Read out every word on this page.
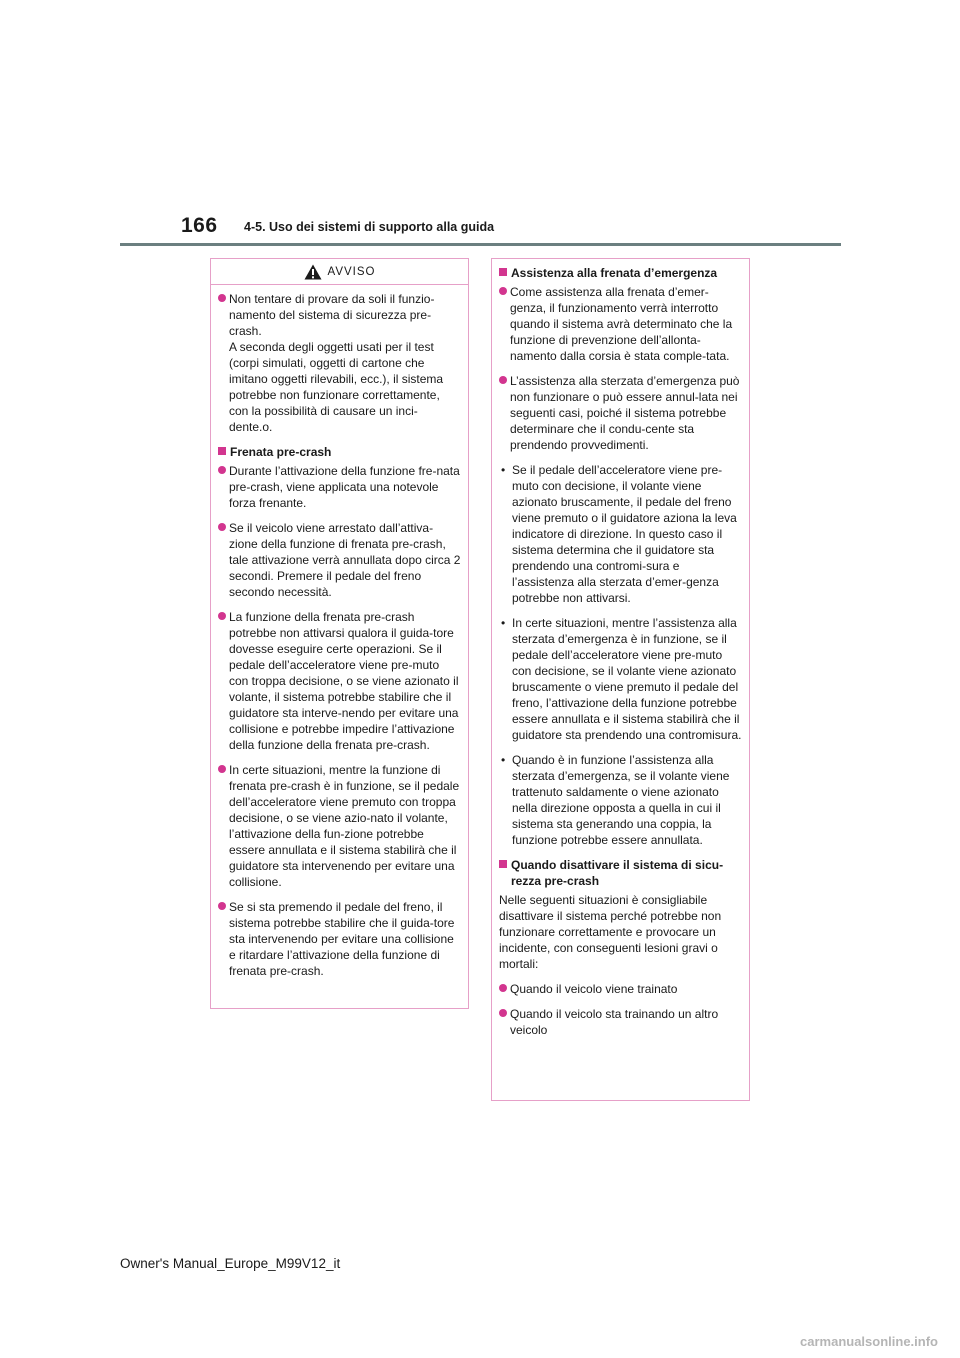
166 4-5. Uso dei sistemi di supporto alla guida
AVVISO
Non tentare di provare da soli il funzio-namento del sistema di sicurezza pre-crash.
A seconda degli oggetti usati per il test (corpi simulati, oggetti di cartone che imitano oggetti rilevabili, ecc.), il sistema potrebbe non funzionare correttamente, con la possibilità di causare un inci-dente.o.
Frenata pre-crash
Durante l’attivazione della funzione fre-nata pre-crash, viene applicata una notevole forza frenante.
Se il veicolo viene arrestato dall’attiva-zione della funzione di frenata pre-crash, tale attivazione verrà annullata dopo circa 2 secondi. Premere il pedale del freno secondo necessità.
La funzione della frenata pre-crash potrebbe non attivarsi qualora il guida-tore dovesse eseguire certe operazioni. Se il pedale dell’acceleratore viene pre-muto con troppa decisione, o se viene azionato il volante, il sistema potrebbe stabilire che il guidatore sta interve-nendo per evitare una collisione e potrebbe impedire l’attivazione della funzione della frenata pre-crash.
In certe situazioni, mentre la funzione di frenata pre-crash è in funzione, se il pedale dell’acceleratore viene premuto con troppa decisione, o se viene azio-nato il volante, l’attivazione della fun-zione potrebbe essere annullata e il sistema stabilirà che il guidatore sta intervenendo per evitare una collisione.
Se si sta premendo il pedale del freno, il sistema potrebbe stabilire che il guida-tore sta intervenendo per evitare una collisione e ritardare l’attivazione della funzione di frenata pre-crash.
Assistenza alla frenata d’emergenza
Come assistenza alla frenata d’emer-genza, il funzionamento verrà interrotto quando il sistema avrà determinato che la funzione di prevenzione dell’allonta-namento dalla corsia è stata comple-tata.
L’assistenza alla sterzata d’emergenza può non funzionare o può essere annul-lata nei seguenti casi, poiché il sistema potrebbe determinare che il condu-cente sta prendendo provvedimenti.
• Se il pedale dell’acceleratore viene pre-muto con decisione, il volante viene azionato bruscamente, il pedale del freno viene premuto o il guidatore aziona la leva indicatore di direzione. In questo caso il sistema determina che il guidatore sta prendendo una contromi-sura e l’assistenza alla sterzata d’emer-genza potrebbe non attivarsi.
• In certe situazioni, mentre l’assistenza alla sterzata d’emergenza è in funzione, se il pedale dell’acceleratore viene pre-muto con decisione, se il volante viene azionato bruscamente o viene premuto il pedale del freno, l’attivazione della funzione potrebbe essere annullata e il sistema stabilirà che il guidatore sta prendendo una contromisura.
• Quando è in funzione l’assistenza alla sterzata d’emergenza, se il volante viene trattenuto saldamente o viene azionato nella direzione opposta a quella in cui il sistema sta generando una coppia, la funzione potrebbe essere annullata.
Quando disattivare il sistema di sicu-rezza pre-crash
Nelle seguenti situazioni è consigliabile disattivare il sistema perché potrebbe non funzionare correttamente e provocare un incidente, con conseguenti lesioni gravi o mortali:
Quando il veicolo viene trainato
Quando il veicolo sta trainando un altro veicolo
Owner's Manual_Europe_M99V12_it
carmanualsonline.info
